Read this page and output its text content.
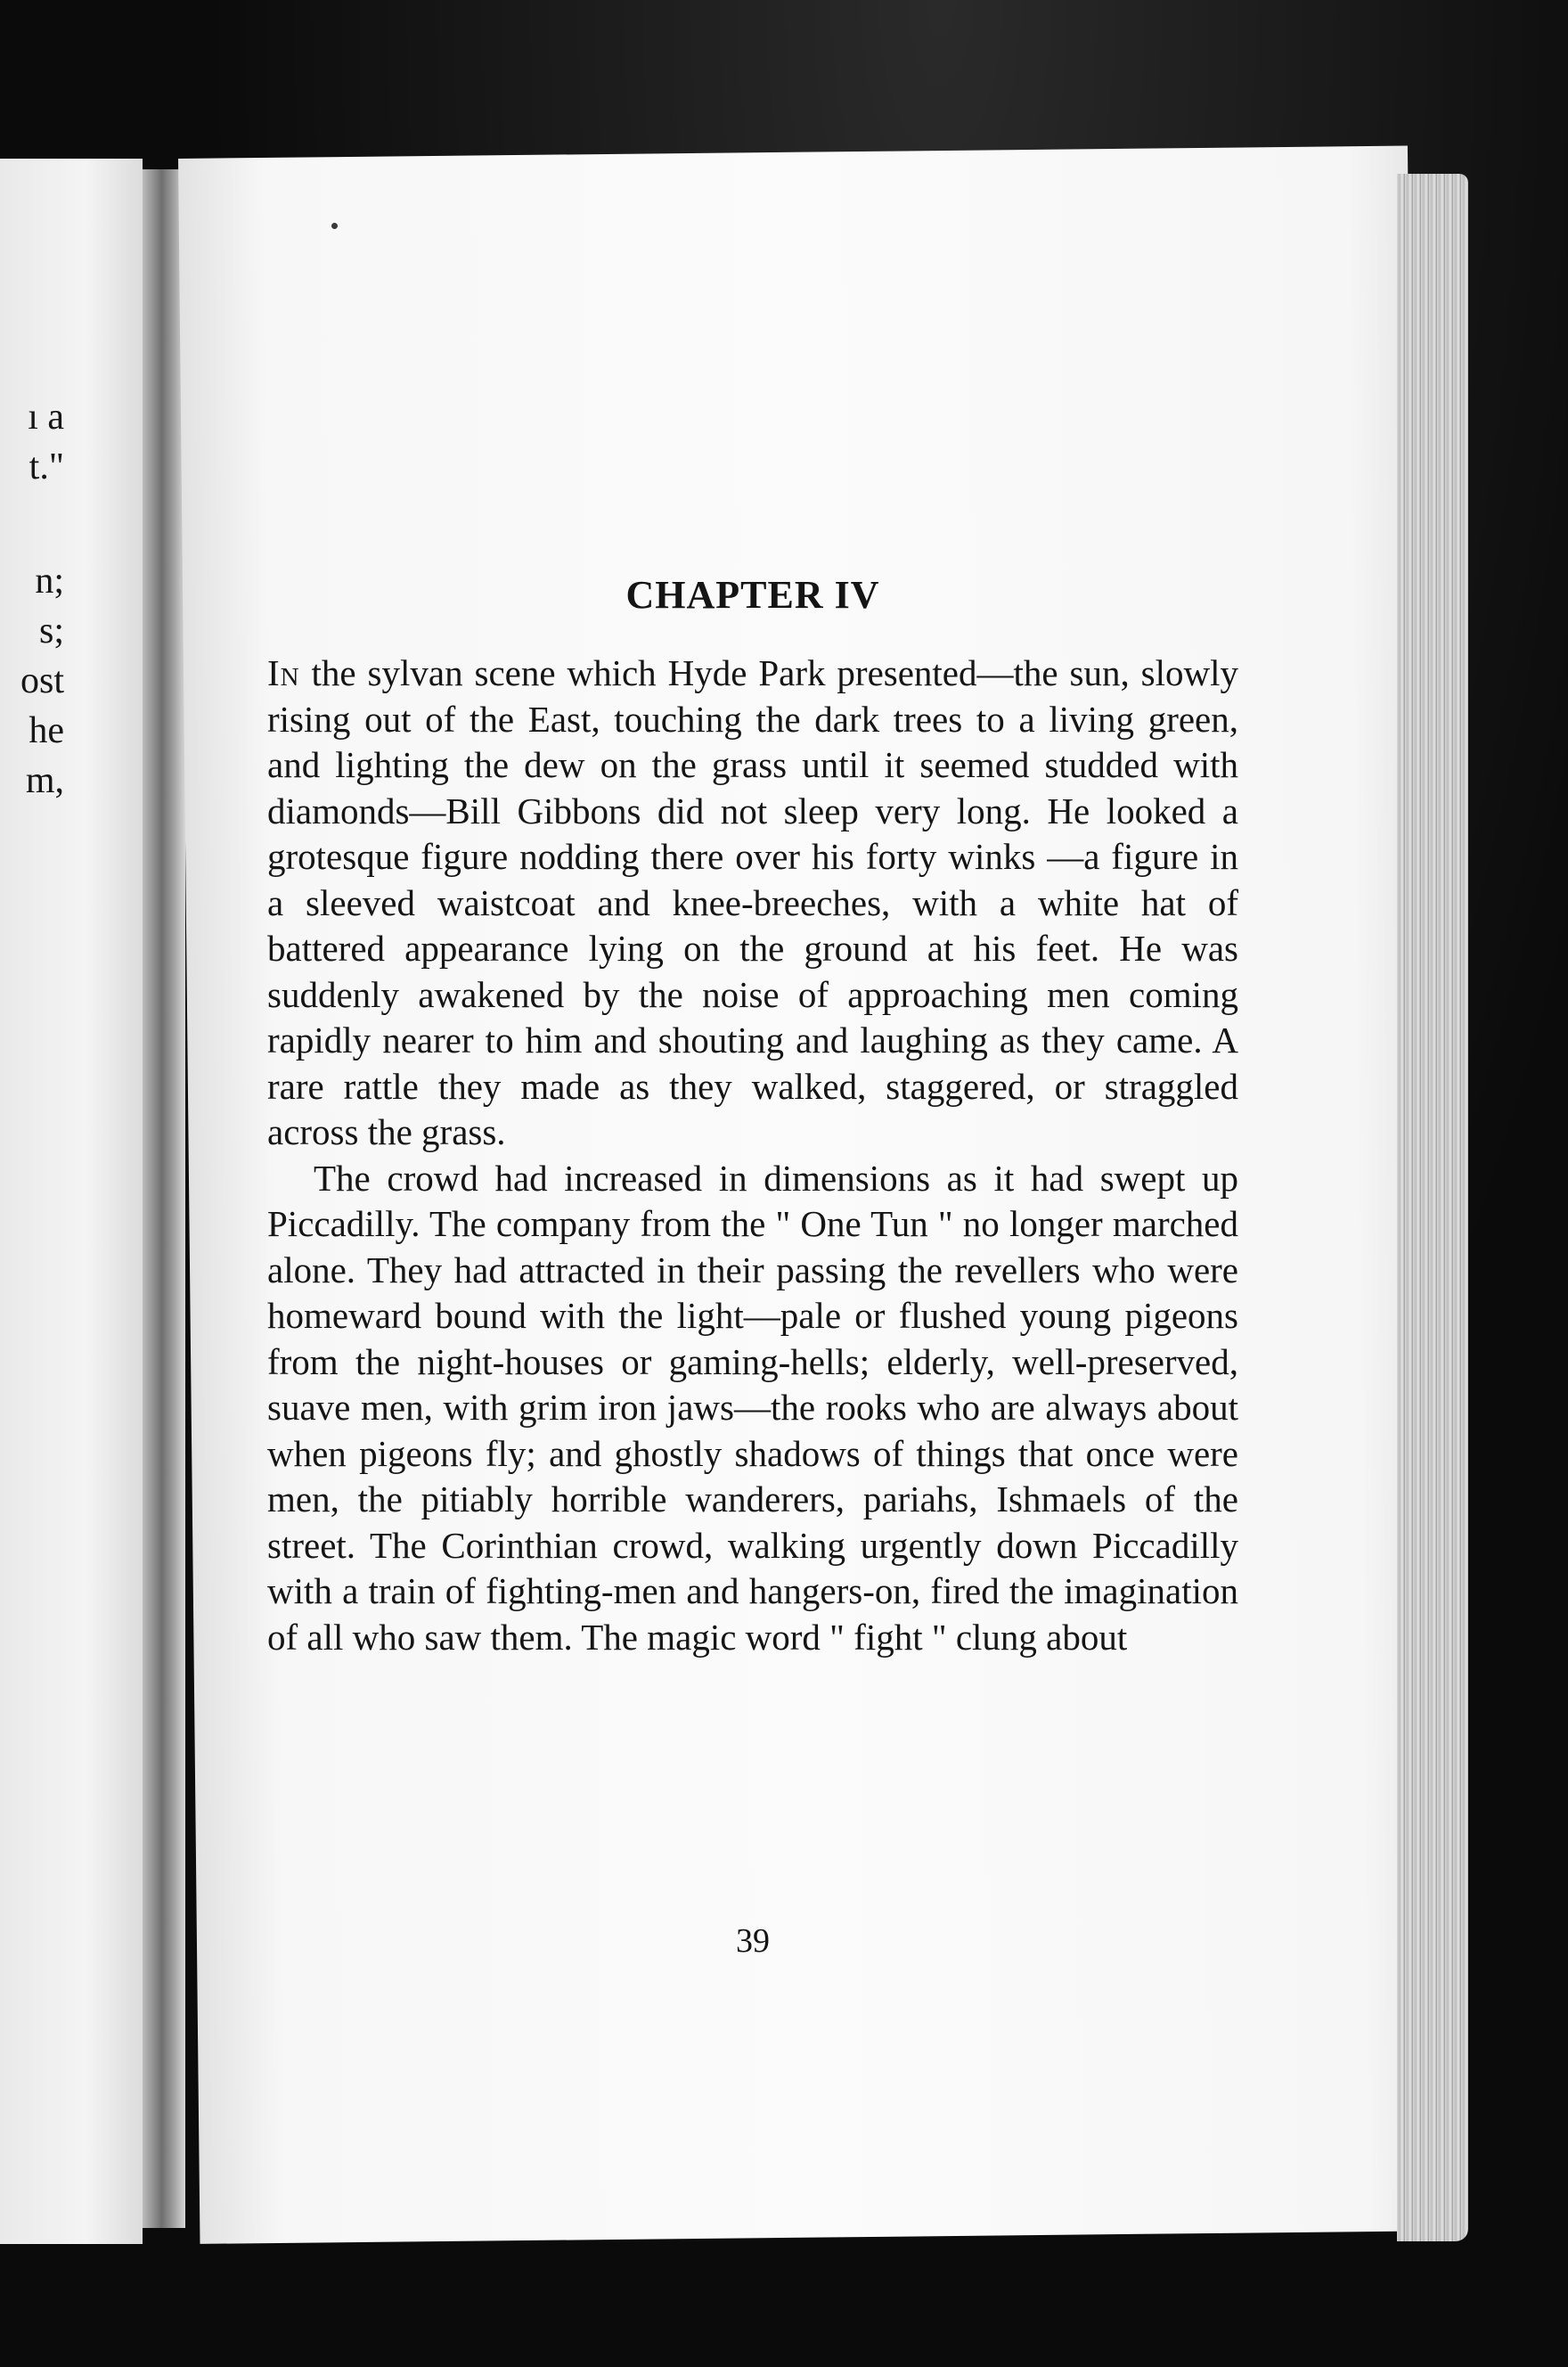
ı a
t."
n;
s;
ost
he
m,
CHAPTER IV

In the sylvan scene which Hyde Park presented—the sun, slowly rising out of the East, touching the dark trees to a living green, and lighting the dew on the grass until it seemed studded with diamonds—Bill Gibbons did not sleep very long. He looked a grotesque figure nodding there over his forty winks —a figure in a sleeved waistcoat and knee-breeches, with a white hat of battered appearance lying on the ground at his feet. He was suddenly awakened by the noise of approaching men coming rapidly nearer to him and shouting and laughing as they came. A rare rattle they made as they walked, staggered, or straggled across the grass.

The crowd had increased in dimensions as it had swept up Piccadilly. The company from the " One Tun " no longer marched alone. They had attracted in their passing the revellers who were homeward bound with the light—pale or flushed young pigeons from the night-houses or gaming-hells; elderly, well-preserved, suave men, with grim iron jaws—the rooks who are always about when pigeons fly; and ghostly shadows of things that once were men, the pitiably horrible wanderers, pariahs, Ishmaels of the street. The Corinthian crowd, walking urgently down Piccadilly with a train of fighting-men and hangers-on, fired the imagination of all who saw them. The magic word " fight " clung about

39
